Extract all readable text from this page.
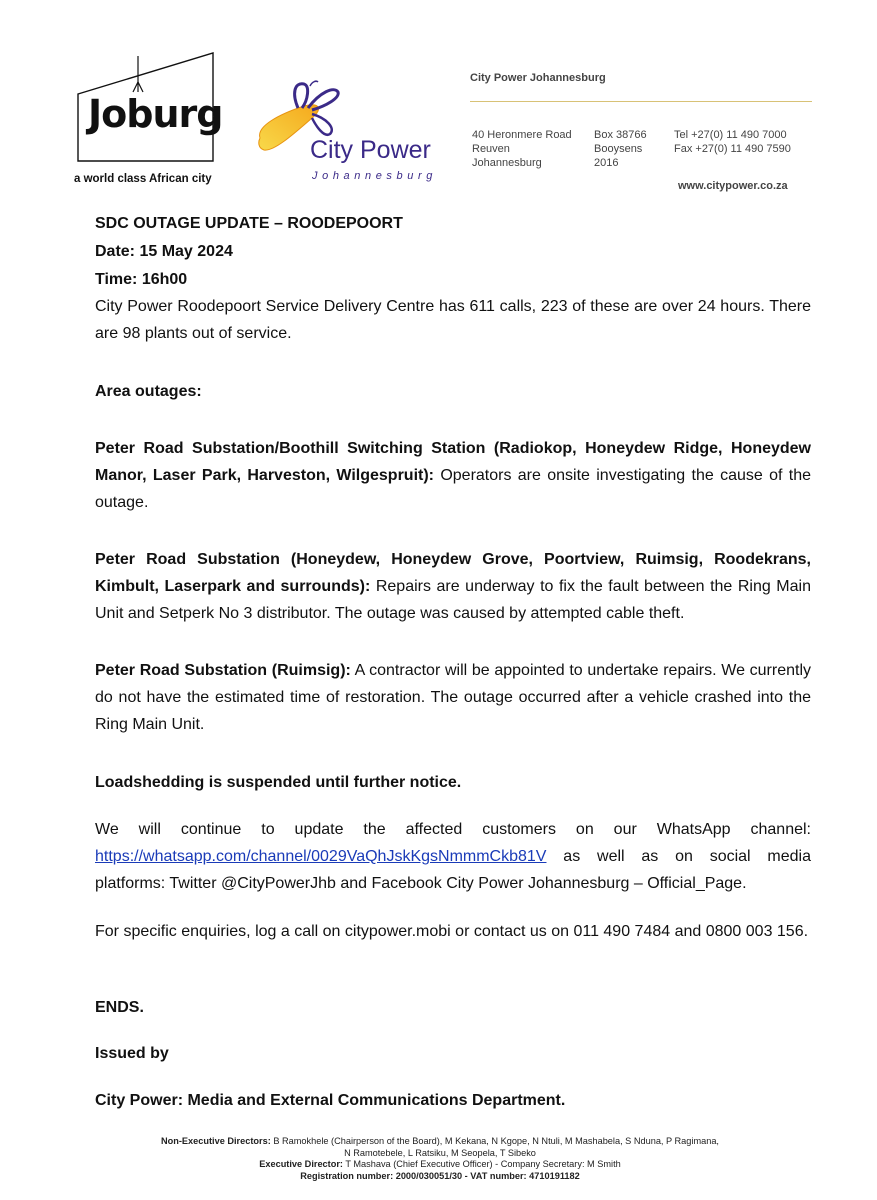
Joburg
a world class African city
City Power
Johannesburg
City Power Johannesburg
40 Heronmere Road
Reuven
Johannesburg
Box 38766
Booysens
2016
Tel +27(0) 11 490 7000
Fax +27(0) 11 490 7590
www.citypower.co.za
SDC OUTAGE UPDATE – ROODEPOORT
Date: 15 May 2024
Time: 16h00
City Power Roodepoort Service Delivery Centre has 611 calls, 223 of these are over 24 hours. There are 98 plants out of service.
Area outages:
Peter Road Substation/Boothill Switching Station (Radiokop, Honeydew Ridge, Honeydew Manor, Laser Park, Harveston, Wilgespruit): Operators are onsite investigating the cause of the outage.
Peter Road Substation (Honeydew, Honeydew Grove, Poortview, Ruimsig, Roodekrans, Kimbult, Laserpark and surrounds): Repairs are underway to fix the fault between the Ring Main Unit and Setperk No 3 distributor. The outage was caused by attempted cable theft.
Peter Road Substation (Ruimsig): A contractor will be appointed to undertake repairs. We currently do not have the estimated time of restoration. The outage occurred after a vehicle crashed into the Ring Main Unit.
Loadshedding is suspended until further notice.
We will continue to update the affected customers on our WhatsApp channel: https://whatsapp.com/channel/0029VaQhJskKgsNmmmCkb81V as well as on social media platforms: Twitter @CityPowerJhb and Facebook City Power Johannesburg – Official_Page.
For specific enquiries, log a call on citypower.mobi or contact us on 011 490 7484 and 0800 003 156.
ENDS.
Issued by
City Power: Media and External Communications Department.
Non-Executive Directors: B Ramokhele (Chairperson of the Board), M Kekana, N Kgope, N Ntuli, M Mashabela, S Nduna, P Ragimana,
N Ramotebele, L Ratsiku, M Seopela, T Sibeko
Executive Director: T Mashava (Chief Executive Officer) - Company Secretary: M Smith
Registration number: 2000/030051/30 - VAT number: 4710191182
